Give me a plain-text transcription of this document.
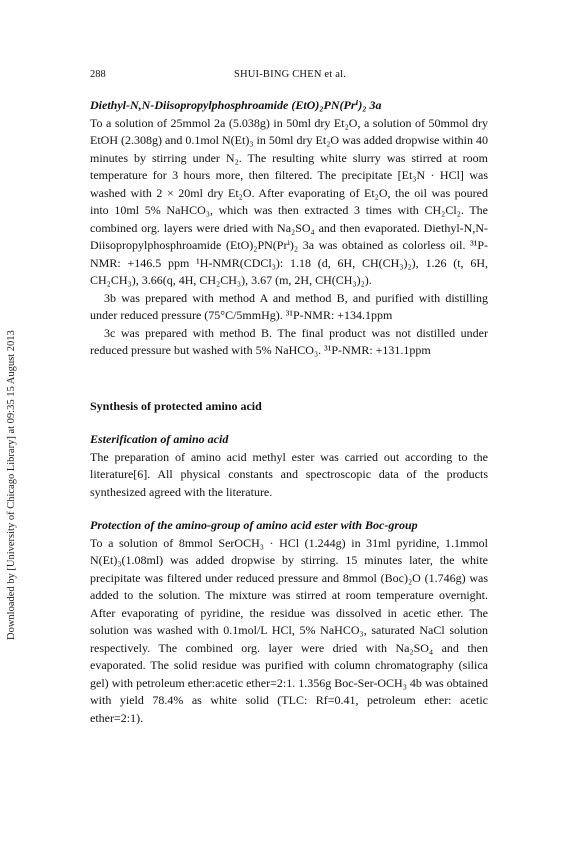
Downloaded by [University of Chicago Library] at 09:35 15 August 2013
288	SHUI-BING CHEN et al.

Diethyl-N,N-Diisopropylphosphroamide (EtO)₂PN(Prⁱ)₂ 3a

To a solution of 25mmol 2a (5.038g) in 50ml dry Et₂O, a solution of 50mmol dry EtOH (2.308g) and 0.1mol N(Et)₃ in 50ml dry Et₂O was added dropwise within 40 minutes by stirring under N₂. The resulting white slurry was stirred at room temperature for 3 hours more, then filtered. The precipitate [Et₃N · HCl] was washed with 2 × 20ml dry Et₂O. After evaporating of Et₂O, the oil was poured into 10ml 5% NaHCO₃, which was then extracted 3 times with CH₂Cl₂. The combined org. layers were dried with Na₂SO₄ and then evaporated. Diethyl-N,N-Diisopropylphosphroamide (EtO)₂PN(Prⁱ)₂ 3a was obtained as colorless oil. ³¹P-NMR: +146.5 ppm ¹H-NMR(CDCl₃): 1.18 (d, 6H, CH(CH₃)₂), 1.26 (t, 6H, CH₂CH₃), 3.66(q, 4H, CH₂CH₃), 3.67 (m, 2H, CH(CH₃)₂).

3b was prepared with method A and method B, and purified with distilling under reduced pressure (75°C/5mmHg). ³¹P-NMR: +134.1ppm

3c was prepared with method B. The final product was not distilled under reduced pressure but washed with 5% NaHCO₃. ³¹P-NMR: +131.1ppm

Synthesis of protected amino acid

Esterification of amino acid

The preparation of amino acid methyl ester was carried out according to the literature[6]. All physical constants and spectroscopic data of the products synthesized agreed with the literature.

Protection of the amino-group of amino acid ester with Boc-group

To a solution of 8mmol SerOCH₃ · HCl (1.244g) in 31ml pyridine, 1.1mmol N(Et)₃(1.08ml) was added dropwise by stirring. 15 minutes later, the white precipitate was filtered under reduced pressure and 8mmol (Boc)₂O (1.746g) was added to the solution. The mixture was stirred at room temperature overnight. After evaporating of pyridine, the residue was dissolved in acetic ether. The solution was washed with 0.1mol/L HCl, 5% NaHCO₃, saturated NaCl solution respectively. The combined org. layer were dried with Na₂SO₄ and then evaporated. The solid residue was purified with column chromatography (silica gel) with petroleum ether:acetic ether=2:1. 1.356g Boc-Ser-OCH₃ 4b was obtained with yield 78.4% as white solid (TLC: Rf=0.41, petroleum ether: acetic ether=2:1).
